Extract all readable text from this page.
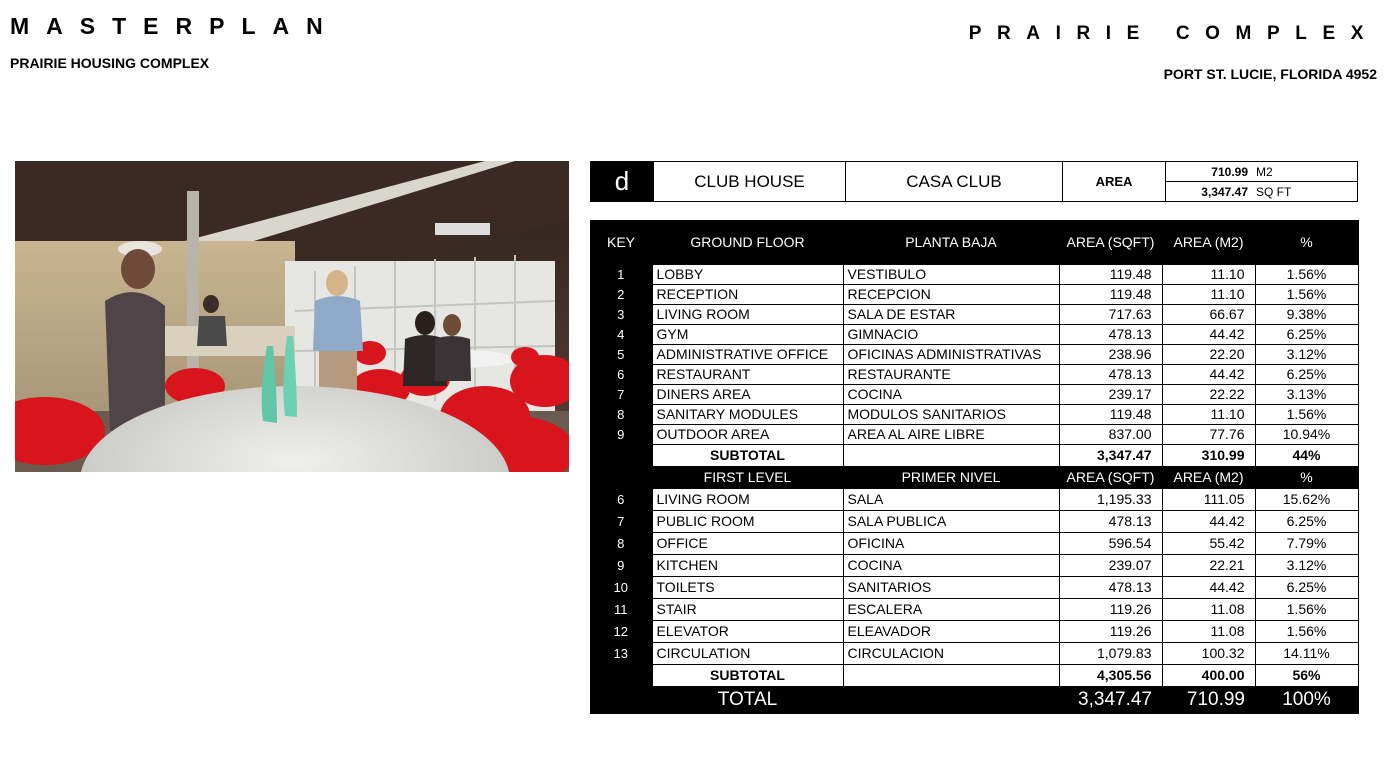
MASTERPLAN
PRAIRIE HOUSING COMPLEX
PRAIRIE COMPLEX
PORT ST. LUCIE, FLORIDA 4952
d	CLUB HOUSE	CASA CLUB	AREA
710.99 M2
3,347.47 SQ FT
KEY	GROUND FLOOR	PLANTA BAJA	AREA (SQFT)	AREA (M2)	%
1	LOBBY	VESTIBULO	119.48	11.10	1.56%
2	RECEPTION	RECEPCION	119.48	11.10	1.56%
3	LIVING ROOM	SALA DE ESTAR	717.63	66.67	9.38%
4	GYM	GIMNACIO	478.13	44.42	6.25%
5	ADMINISTRATIVE OFFICE	OFICINAS ADMINISTRATIVAS	238.96	22.20	3.12%
6	RESTAURANT	RESTAURANTE	478.13	44.42	6.25%
7	DINERS AREA	COCINA	239.17	22.22	3.13%
8	SANITARY MODULES	MODULOS SANITARIOS	119.48	11.10	1.56%
9	OUTDOOR AREA	AREA AL AIRE LIBRE	837.00	77.76	10.94%
	SUBTOTAL		3,347.47	310.99	44%
	FIRST LEVEL	PRIMER NIVEL	AREA (SQFT)	AREA (M2)	%
6	LIVING ROOM	SALA	1,195.33	111.05	15.62%
7	PUBLIC ROOM	SALA PUBLICA	478.13	44.42	6.25%
8	OFFICE	OFICINA	596.54	55.42	7.79%
9	KITCHEN	COCINA	239.07	22.21	3.12%
10	TOILETS	SANITARIOS	478.13	44.42	6.25%
11	STAIR	ESCALERA	119.26	11.08	1.56%
12	ELEVATOR	ELEAVADOR	119.26	11.08	1.56%
13	CIRCULATION	CIRCULACION	1,079.83	100.32	14.11%
	SUBTOTAL		4,305.56	400.00	56%
	TOTAL		3,347.47	710.99	100%
